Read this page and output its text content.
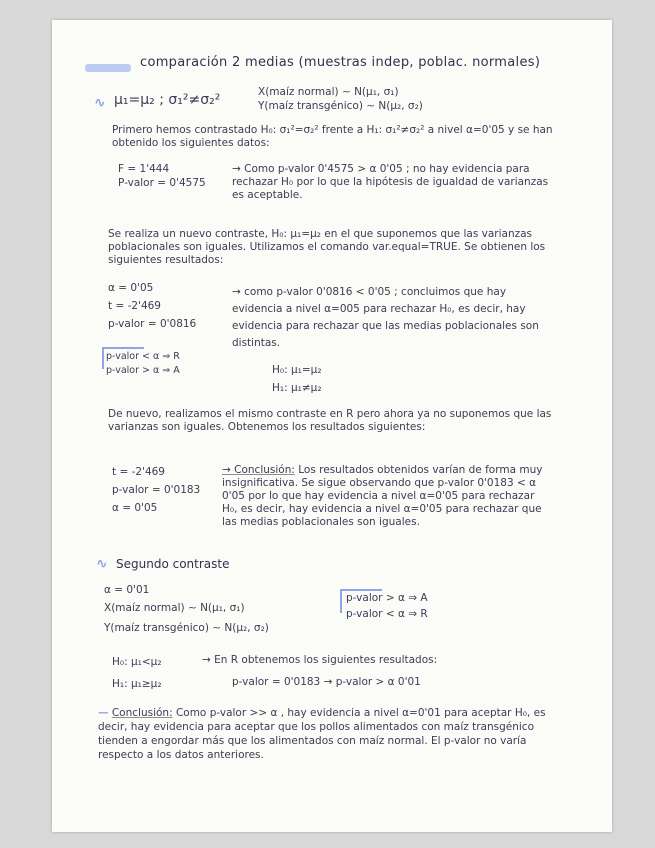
comparación 2 medias (muestras indep, poblac. normales)
∿ μ₁=μ₂ ; σ₁²≠σ₂²	X(maíz normal) ∼ N(μ₁, σ₁)
Y(maíz transgénico) ∼ N(μ₂, σ₂)
Primero hemos contrastado H₀: σ₁²=σ₂² frente a H₁: σ₁²≠σ₂² a nivel α=0'05 y se han obtenido los siguientes datos:
F = 1'444
P-valor = 0'4575
→ Como p-valor 0'4575 > α 0'05 ; no hay evidencia para rechazar H₀ por lo que la hipótesis de igualdad de varianzas es aceptable.
Se realiza un nuevo contraste, H₀: μ₁=μ₂ en el que suponemos que las varianzas poblacionales son iguales. Utilizamos el comando var.equal=TRUE. Se obtienen los siguientes resultados:
α = 0'05
t = -2'469
p-valor = 0'0816
→ como p-valor 0'0816 < 0'05 ; concluimos que hay evidencia a nivel α=005 para rechazar H₀, es decir, hay evidencia para rechazar que las medias poblacionales son distintas.
p-valor < α ⇒ R
p-valor > α ⇒ A	H₀: μ₁=μ₂
H₁: μ₁≠μ₂
De nuevo, realizamos el mismo contraste en R pero ahora ya no suponemos que las varianzas son iguales. Obtenemos los resultados siguientes:
t = -2'469
p-valor = 0'0183
α = 0'05
→ Conclusión: Los resultados obtenidos varían de forma muy insignificativa. Se sigue observando que p-valor 0'0183 < α 0'05 por lo que hay evidencia a nivel α=0'05 para rechazar H₀, es decir, hay evidencia a nivel α=0'05 para rechazar que las medias poblacionales son iguales.
∿ Segundo contraste
α = 0'01
X(maíz normal) ∼ N(μ₁, σ₁)
Y(maíz transgénico) ∼ N(μ₂, σ₂)
p-valor > α ⇒ A
p-valor < α ⇒ R
H₀: μ₁<μ₂
H₁: μ₁≥μ₂
→ En R obtenemos los siguientes resultados:
p-valor = 0'0183 → p-valor > α 0'01
— Conclusión: Como p-valor >> α , hay evidencia a nivel α=0'01 para aceptar H₀, es decir, hay evidencia para aceptar que los pollos alimentados con maíz transgénico tienden a engordar más que los alimentados con maíz normal. El p-valor no varía respecto a los datos anteriores.
